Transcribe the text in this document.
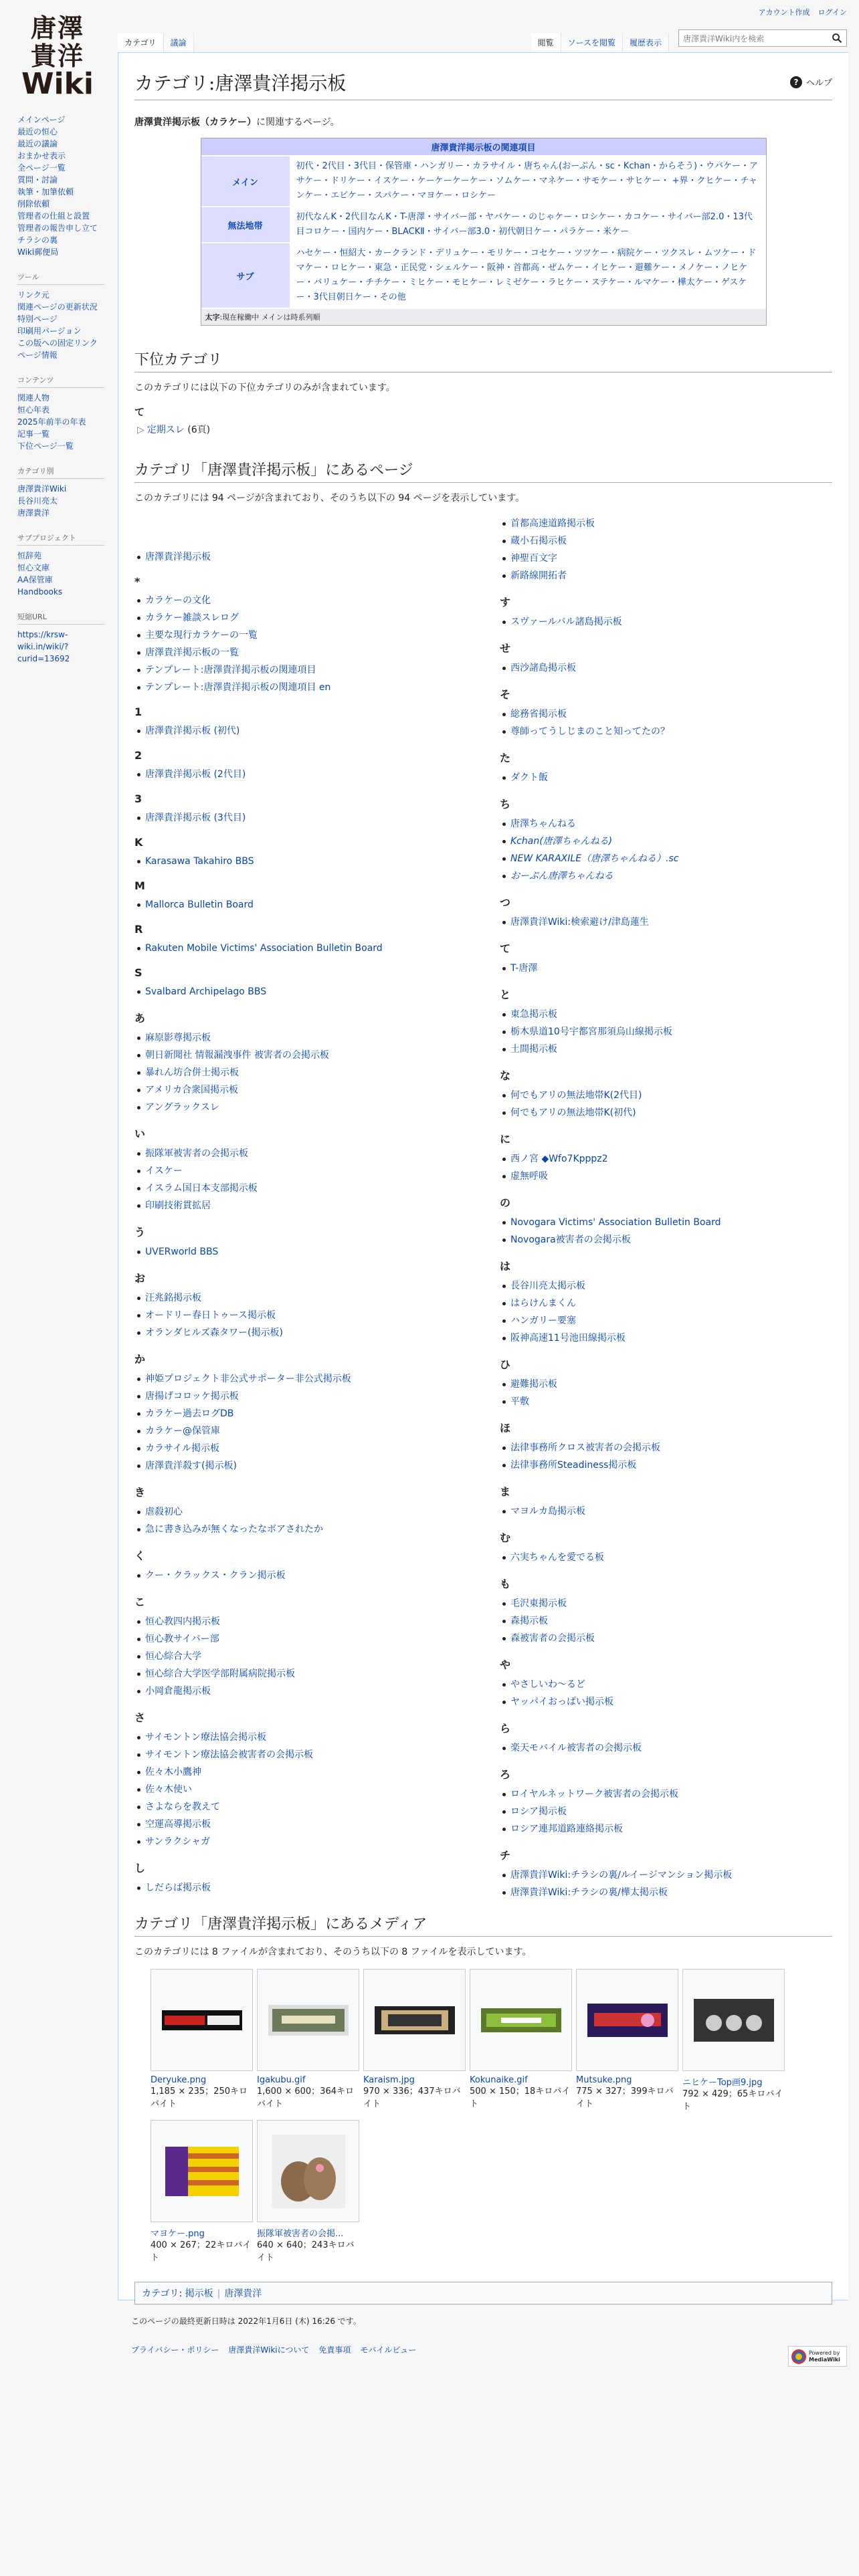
アカウント作成 ログイン
唐澤
貴洋
Wiki
メインページ
最近の恒心
最近の議論
おまかせ表示
全ページ一覧
質問・討論
執筆・加筆依頼
削除依頼
管理者の仕組と設置
管理者の報告申し立て
チラシの裏
Wiki郵便局
ツール
リンク元
関連ページの更新状況
特別ページ
印刷用バージョン
この版への固定リンク
ページ情報
コンテンツ
関連人物
恒心年表
2025年前半の年表
記事一覧
下位ページ一覧
カテゴリ別
唐澤貴洋Wiki
長谷川亮太
唐澤貴洋
サブプロジェクト
恒辞苑
恒心文庫
AA保管庫
Handbooks
短縮URL
https://krsw-
wiki.in/wiki/?
curid=13692
カテゴリ	議論	閲覧	ソースを閲覧	履歴表示	唐澤貴洋Wiki内を検索
? ヘルプ
カテゴリ:唐澤貴洋掲示板

唐澤貴洋掲示板（カラケー）に関連するページ。

唐澤貴洋掲示板の関連項目
メイン
初代・2代目・3代目・保管庫・ハンガリー・カラサイル・唐ちゃん(おーぷん・sc・Kchan・からそう)・ウバケー・アサケー・ドリケー・イスケー・ケーケーケーケー・ソムケー・マネケー・サモケー・サヒケー・ +界・クヒケー・チャンケー・エビケー・スパケー・マヨケー・ロシケー
無法地帯
初代なんK・2代目なんK・T-唐澤・サイバー部・ヤバケー・のじゃケー・ロシケー・カコケー・サイバー部2.0・13代目コロケー・国内ケー・BLACKⅡ・サイバー部3.0・初代朝日ケー・パラケー・米ケー
サブ
ハセケー・恒紹大・カークランド・デリュケー・モリケー・コセケー・ツツケー・病院ケー・ツクスレ・ムツケー・ドマケー・ロヒケー・東急・正民党・シェルケー・阪神・首都高・ぜムケー・イヒケー・避難ケー・メノケー・ノヒケー・バリュケー・チチケー・ミヒケー・モヒケー・レミゼケー・ラヒケー・ステケー・ルマケー・樺太ケー・ゲスケー・3代目朝日ケー・その他
太字:現在稼働中 メインは時系列順
下位カテゴリ
このカテゴリには以下の下位カテゴリのみが含まれています。
て
▷ 定期スレ (6頁)
カテゴリ「唐澤貴洋掲示板」にあるページ
このカテゴリには 94 ページが含まれており、そのうち以下の 94 ページを表示しています。
唐澤貴洋掲示板
*
カラケーの文化
カラケー雑談スレログ
主要な現行カラケーの一覧
唐澤貴洋掲示板の一覧
テンプレート:唐澤貴洋掲示板の関連項目
テンプレート:唐澤貴洋掲示板の関連項目 en
1
唐澤貴洋掲示板 (初代)
2
唐澤貴洋掲示板 (2代目)
3
唐澤貴洋掲示板 (3代目)
K
Karasawa Takahiro BBS
M
Mallorca Bulletin Board
R
Rakuten Mobile Victims' Association Bulletin Board
S
Svalbard Archipelago BBS
あ
麻原影尊掲示板
朝日新聞社 情報漏洩事件 被害者の会掲示板
暴れん坊合併士掲示板
アメリカ合衆国掲示板
アングラックスレ
い
振隊軍被害者の会掲示板
イスケー
イスラム国日本支部掲示板
印刷技術貫拡居
う
UVERworld BBS
お
汪兆銘掲示板
オードリー春日トゥース掲示板
オランダヒルズ森タワー(掲示板)
か
神姫プロジェクト非公式サポーター非公式掲示板
唐揚げコロッケ掲示板
カラケー過去ログDB
カラケー@保管庫
カラサイル掲示板
唐澤貴洋殺す(掲示板)
き
虐殺初心
急に書き込みが無くなったなボアされたか
く
クー・クラックス・クラン掲示板
こ
恒心教四内掲示板
恒心教サイバー部
恒心綜合大学
恒心綜合大学医学部附属病院掲示板
小岡倉龍掲示板
さ
サイモントン療法協会掲示板
サイモントン療法協会被害者の会掲示板
佐々木小鷹神
佐々木使い
さよならを教えて
空運高導掲示板
サンラクシャガ
し
しだらば掲示板
首都高速道路掲示板
蔵小石掲示板
神聖百文字
新路線開拓者
す
スヴァールバル諸島掲示板
せ
西沙諸島掲示板
そ
総務省掲示板
尊師ってうしじまのこと知ってたの？
た
ダクト飯
ち
唐澤ちゃんねる
Kchan(唐澤ちゃんねる)
NEW KARAXILE（唐澤ちゃんねる）.sc
おーぷん唐澤ちゃんねる
つ
唐澤貴洋Wiki:検索避け/津島蓮生
て
T-唐澤
と
東急掲示板
栃木県道10号宇都宮那須烏山線掲示板
土間掲示板
な
何でもアリの無法地帯K(2代目)
何でもアリの無法地帯K(初代)
に
西ノ宮 ◆Wfo7Kpppz2
虚無呼吸
の
Novogara Victims' Association Bulletin Board
Novogara被害者の会掲示板
は
長谷川亮太掲示板
はらけんまくん
ハンガリー要塞
阪神高速11号池田線掲示板
ひ
避難掲示板
平敷
ほ
法律事務所クロス被害者の会掲示板
法律事務所Steadiness掲示板
ま
マヨルカ島掲示板
む
六実ちゃんを愛でる板
も
毛沢東掲示板
森掲示板
森被害者の会掲示板
や
やさしいわ～るど
ヤッパイおっぱい掲示板
ら
楽天モバイル被害者の会掲示板
ろ
ロイヤルネットワーク被害者の会掲示板
ロシア掲示板
ロシア連邦道路連絡掲示板
チ
唐澤貴洋Wiki:チラシの裏/ルイージマンション掲示板
唐澤貴洋Wiki:チラシの裏/樺太掲示板
カテゴリ「唐澤貴洋掲示板」にあるメディア
このカテゴリには 8 ファイルが含まれており、そのうち以下の 8 ファイルを表示しています。
Deryuke.png
1,185 × 235；250キロバイト
Igakubu.gif
1,600 × 600；364キロバイト
Karaism.jpg
970 × 336；437キロバイト
Kokunaike.gif
500 × 150；18キロバイト
Mutsuke.png
775 × 327；399キロバイト
ニヒケーTop画9.jpg
792 × 429；65キロバイト
マヨケー.png
400 × 267；22キロバイト
振隊軍被害者の会掲...
640 × 640；243キロバイト
カテゴリ: 掲示板 | 唐澤貴洋
このページの最終更新日時は 2022年1月6日 (木) 16:26 です。
プライバシー・ポリシー 唐澤貴洋Wikiについて 免責事項 モバイルビュー	Powered by
MediaWiki
